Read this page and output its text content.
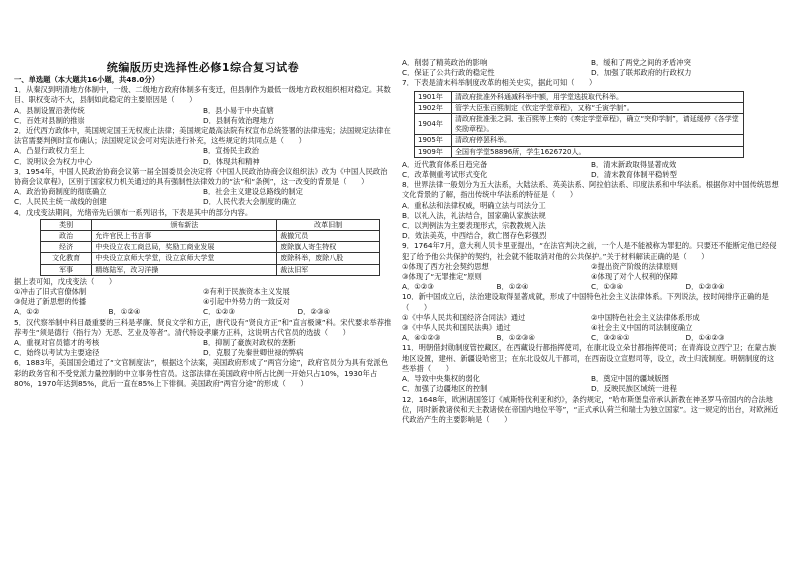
统编版历史选择性必修1综合复习试卷
一、单选题（本大题共16小题，共48.0分）

1．从秦汉到明清地方体制中，一级、二级地方政府体制多有变迁，但县制作为最低一级地方政权组织相对稳定。其数目、职权变动不大，县制如此稳定的主要原因是（　　）

A．县制设置沿袭传统	B．县小易于中央直辖
C．百姓对县制的推崇	D．县制有效治理地方

2．近代西方政体中，英国规定国王无权废止法律；美国规定最高法院有权宣布总统签署的法律违宪；法国规定法律在法官需要判例时宣布确认；法国规定议会可对宪法进行补充，这些规定的共同点是（　　）

A．凸显行政权力至上	B．宣扬民主政治
C．说明议会为权力中心	D．体现共和精神

3．1954年，中国人民政治协商会议第一届全国委员会决定将《中国人民政治协商会议组织法》改为《中国人民政治协商会议章程》，区别于国家权力机关通过的具有强制性法律效力的“法”和“条例”，这一改变的背景是（　　）

A．政治协商制度的彻底确立	B．社会主义建设总路线的制定
C．人民民主统一战线的创建	D．人民代表大会制度的确立

4．戊戌变法期间，光绪帝先后颁布一系列诏书，下表是其中的部分内容。

类别	颁布新法	改革旧制
政治	允许官民上书言事	裁撤冗员
经济	中央设立农工商总局，奖励工商业发展	废除旗人寄生特权
文化教育	中央设立京师大学堂，设立京师大学堂	废除科举，废除八股
军事	精练陆军，改习洋操	裁汰旧军

据上表可知，戊戌变法（　　）

①冲击了旧式官僚体制	②有利于民族资本主义发展
③促进了新思想的传播	④引起中外势力的一致反对
A．①②	B．①②④	C．①②③	D．②③④

5．汉代察举制中科目最重要的三科是孝廉、贤良文学和方正，唐代设有“贤良方正”和“直言极谏”科。宋代要求举荐推荐考生“须是德行（指行为）无恶、艺业及等者”。清代特设孝廉方正科，这说明古代官员的选拔（　　）

A．重视对官员德才的考核	B．抑制了豪族对政权的垄断
C．始终以考试为主要途径	D．克服了先秦世卿世禄的弊病

6．1883年，美国国会通过了“文官制度法”，根据这个法案，美国政府形成了“两官分途”，政府官员分为具有党派色彩的政务官和不受党派力量控制的中立事务性官员。这部法律在美国政府中所占比例一开始只占10%，1930年占80%，1970年达到85%，此后一直在85%上下徘徊。美国政府“两官分途”的形成（　　）

A．削弱了精英政治的影响	B．缓和了两党之间的矛盾冲突
C．保证了公共行政的稳定性	D．加强了联邦政府的行政权力

7．下表是清末科举制度改革的相关史实，据此可知（　　）

1901年	清政府批准外科通减科举中额，用学堂选拔取代科举。
1902年	管学大臣张百熙制定《钦定学堂章程》，又称“壬寅学制”。
1904年	清政府批准张之洞、张百熙等上奏的《奏定学堂章程》，确立“突仰学制”，请延缓停《各学堂奖励章程》。
1905年	清政府停罢科举。
1909年	全国有学堂58896所，学生1626720人。
A．近代教育体系日趋完备	B．清末新政取得显著成效
C．改革侧重考试形式变化	D．清末教育体制平稳转型

8．世界法律一般划分为五大法系，大陆法系、英美法系、阿拉伯法系、印度法系和中华法系。根据你对中国传统思想文化背景的了解，指出传统中华法系的特征是（　　）

A．重私法和法律权威，明确立法与司法分工
B．以礼入法，礼法结合，国家确认家族法规
C．以判例法为主要表现形式，宗教教规入法
D．效法美英，中西结合，救亡图存色彩强烈

9．1764年7月，意大利人贝卡里亚提出，“在法官判决之前，一个人是不能被称为罪犯的。只要还不能断定他已经侵犯了给予他公共保护的契约，社会就不能取消对他的公共保护。”关于材料解读正确的是（　　）

①体现了西方社会契约思想	②提出资产阶级的法律原则
③体现了“无罪推定”原则	④体现了对个人权利的保障
A．①②③	B．①②④	C．①③④	D．①②③④

10．新中国成立后，法治建设取得显著成就，形成了中国特色社会主义法律体系。下列说法，按时间排序正确的是（　　）

①《中华人民共和国经济合同法》通过	②中国特色社会主义法律体系形成
③《中华人民共和国民法典》通过	④社会主义中国的司法制度确立
A．④①②③	B．①②③④	C．③②④①	D．①④②③

11．明朝借封勋制度管控藏区，在西藏设行都指挥使司，在康北设立朵甘都指挥使司；在青海设立西宁卫；在蒙古族地区设置，建州、新疆设哈密卫；在东北设奴儿干都司，在西南设立宣慰司等，设立，改土归流制度。明朝制度的这些举措（　　）

A．导致中央集权的弱化	B．奠定中国的疆域版图
C．加强了边疆地区的控制	D．反映民族区域统一进程

12．1648年，欧洲诸国签订《威斯特伐利亚和约》，条约规定，“哈布斯堡皇帝承认新教在神圣罗马帝国内的合法地位，同时新教诸侯和天主教诸侯在帝国内地位平等”，“正式承认荷兰和瑞士为独立国家”。这一规定的出台，对欧洲近代政治产生的主要影响是（　　）
